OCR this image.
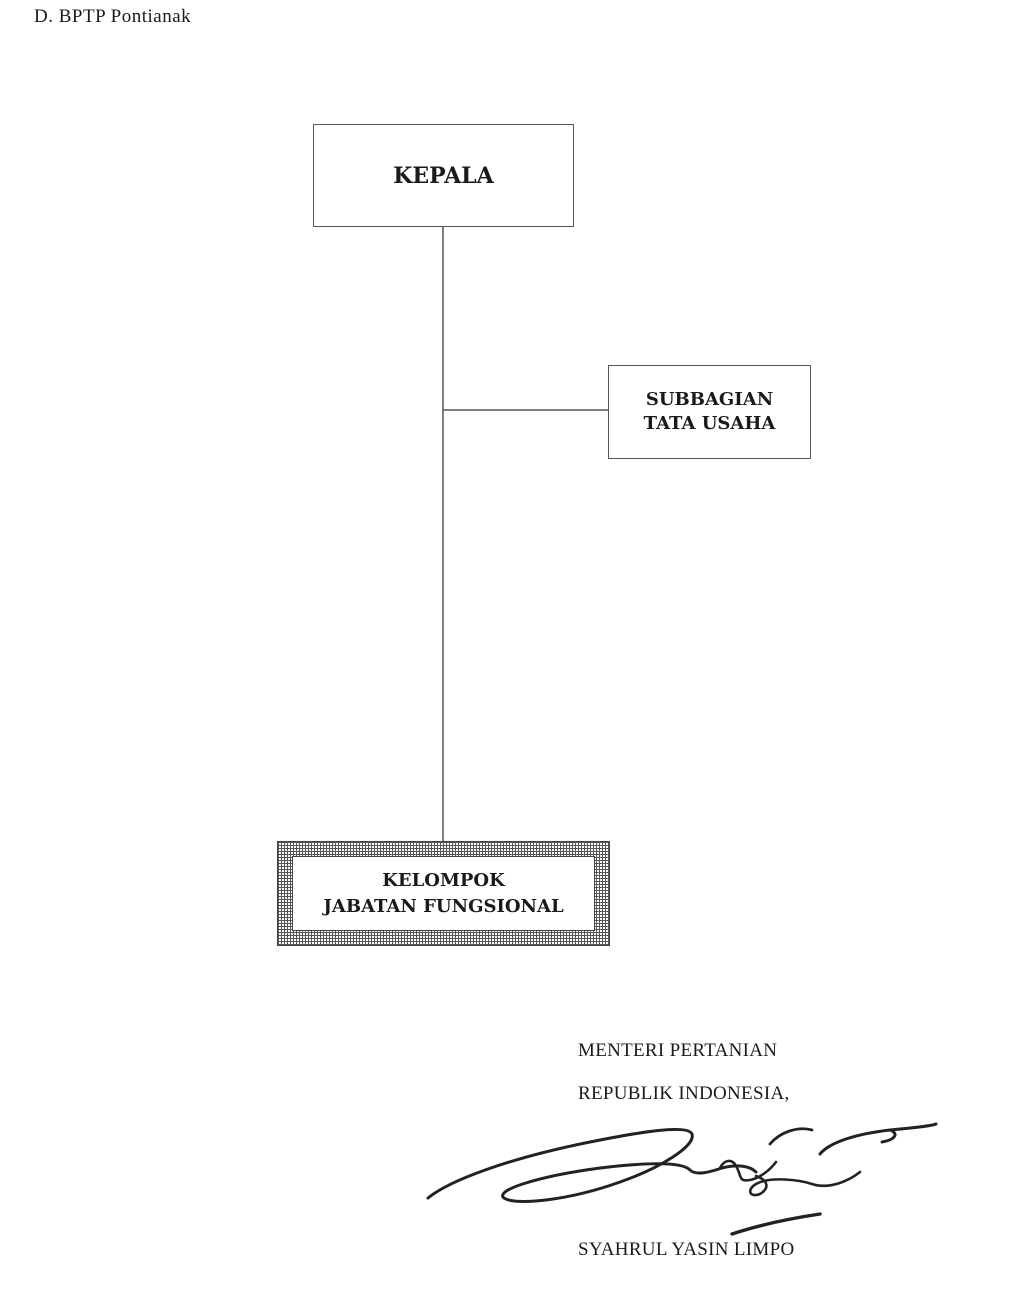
D. BPTP Pontianak
KEPALA
SUBBAGIAN
TATA USAHA
KELOMPOK
JABATAN FUNGSIONAL
MENTERI PERTANIAN
REPUBLIK INDONESIA,
SYAHRUL YASIN LIMPO
